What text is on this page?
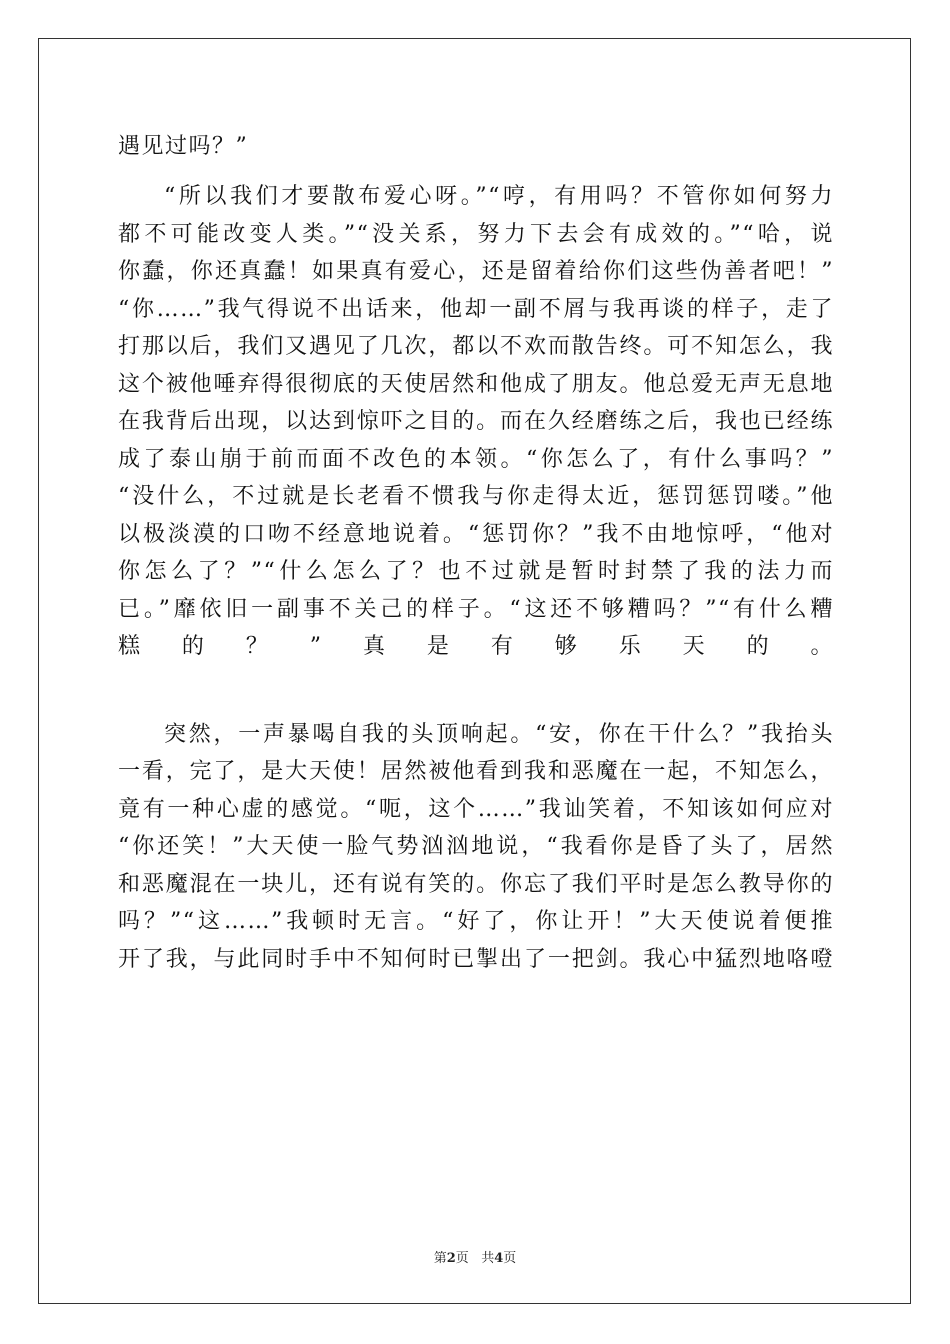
遇见过吗？”

“所以我们才要散布爱心呀。”“哼，有用吗？不管你如何努力

都不可能改变人类。”“没关系，努力下去会有成效的。”“哈，说

你蠢，你还真蠢！如果真有爱心，还是留着给你们这些伪善者吧！”

“你……”我气得说不出话来，他却一副不屑与我再谈的样子，走了

打那以后，我们又遇见了几次，都以不欢而散告终。可不知怎么，我

这个被他唾弃得很彻底的天使居然和他成了朋友。他总爱无声无息地

在我背后出现，以达到惊吓之目的。而在久经磨练之后，我也已经练

成了泰山崩于前而面不改色的本领。“你怎么了，有什么事吗？”

“没什么，不过就是长老看不惯我与你走得太近，惩罚惩罚喽。”他

以极淡漠的口吻不经意地说着。“惩罚你？”我不由地惊呼，“他对

你怎么了？”“什么怎么了？也不过就是暂时封禁了我的法力而

已。”靡依旧一副事不关己的样子。“这还不够糟吗？”“有什么糟

糕的？”真是有够乐天的。

突然，一声暴喝自我的头顶响起。“安，你在干什么？”我抬头

一看，完了，是大天使！居然被他看到我和恶魔在一起，不知怎么，

竟有一种心虚的感觉。“呃，这个……”我讪笑着，不知该如何应对

“你还笑！”大天使一脸气势汹汹地说，“我看你是昏了头了，居然

和恶魔混在一块儿，还有说有笑的。你忘了我们平时是怎么教导你的

吗？”“这……”我顿时无言。“好了，你让开！”大天使说着便推

开了我，与此同时手中不知何时已掣出了一把剑。我心中猛烈地咯噔

第2页 共4页
